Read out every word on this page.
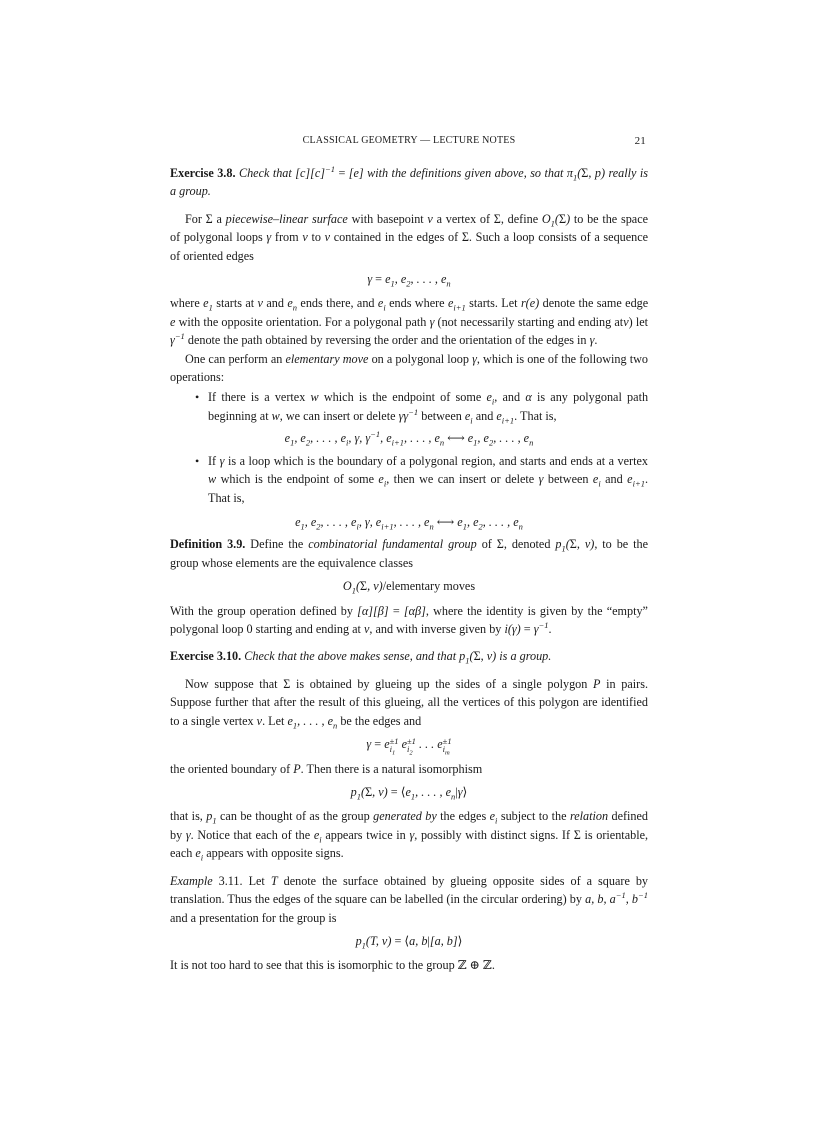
CLASSICAL GEOMETRY — LECTURE NOTES	21

Exercise 3.8. Check that $[c][c]^{-1} = [e]$ with the definitions given above, so that $\pi_1(\Sigma$, p) really is a group.

For Σ a piecewise–linear surface with basepoint v a vertex of Σ, define $O_1(\Sigma)$ to be the space of polygonal loops γ from v to v contained in the edges of Σ. Such a loop consists of a sequence of oriented edges

$\gamma = e_1$, $e_2$, . . . , $e_n$

where $e_1$ starts at v and $e_n$ ends there, and $e_i$ ends where $e_{i+1}$ starts. Let r(e) denote the same edge e with the opposite orientation. For a polygonal path γ (not necessarily starting and ending atv) let $\gamma^{-1}$ denote the path obtained by reversing the order and the orientation of the edges in γ.

One can perform an elementary move on a polygonal loop γ, which is one of the following two operations:

• If there is a vertex w which is the endpoint of some $e_i$, and α is any polygonal path beginning at w, we can insert or delete $\gamma\gamma^{-1}$ between $e_i$ and $e_{i+1}$. That is,
$e_1$, $e_2$, . . . , $e_i$, γ, $\gamma^{-1}$, $e_{i+1}$, . . . , $e_n$ ⟷ $e_1$, $e_2$, . . . , $e_n$
• If γ is a loop which is the boundary of a polygonal region, and starts and ends at a vertex w which is the endpoint of some $e_i$, then we can insert or delete γ between $e_i$ and $e_{i+1}$. That is,
$e_1$, $e_2$, . . . , $e_i$, γ, $e_{i+1}$, . . . , $e_n$ ⟷ $e_1$, $e_2$, . . . , $e_n$

Definition 3.9. Define the combinatorial fundamental group of Σ, denoted $p_1(\Sigma$, v), to be the group whose elements are the equivalence classes

$O_1(\Sigma$, v)/elementary moves

With the group operation defined by [α][β] = [αβ], where the identity is given by the “empty” polygonal loop 0 starting and ending at v, and with inverse given by $i(\gamma) = \gamma^{-1}$.

Exercise 3.10. Check that the above makes sense, and that $p_1(\Sigma$, v) is a group.

Now suppose that Σ is obtained by glueing up the sides of a single polygon P in pairs. Suppose further that after the result of this glueing, all the vertices of this polygon are identified to a single vertex v. Let $e_1$, . . . , $e_n$ be the edges and

γ = e ±1
$i_1$
e ±1
$i_2$
. . . e ±1
$i_m$

the oriented boundary of P. Then there is a natural isomorphism

$p_1(\Sigma$, $v) = ⟨e_1$, . . . , $e_n|\gamma⟩$

that is, $p_1$ can be thought of as the group generated by the edges $e_i$ subject to the relation defined by γ. Notice that each of the $e_i$ appears twice in γ, possibly with distinct signs. If Σ is orientable, each $e_i$ appears with opposite signs.

Example 3.11. Let T denote the surface obtained by glueing opposite sides of a square by translation. Thus the edges of the square can be labelled (in the circular ordering) by a, b, $a^{-1}$, $b^{-1}$ and a presentation for the group is

$p_1(T$, v) = ⟨a, b|[a, b]⟩

It is not too hard to see that this is isomorphic to the group ℤ ⊕ ℤ.
